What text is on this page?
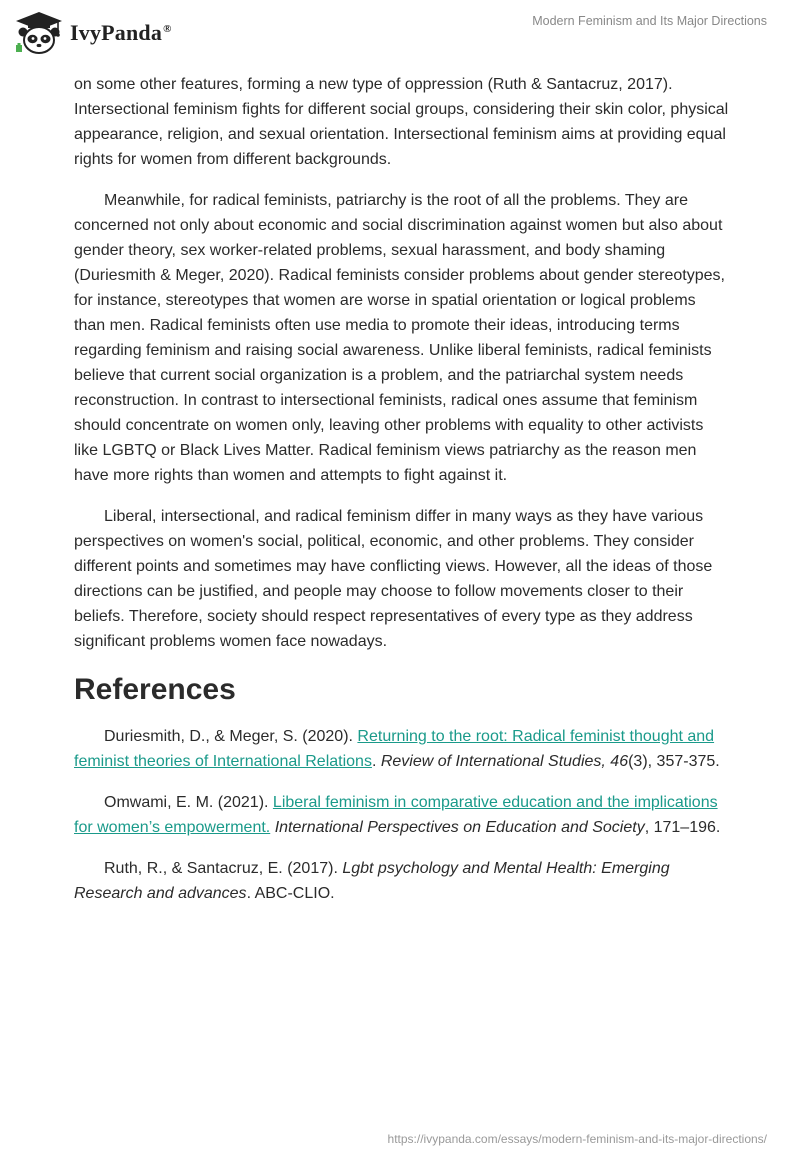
IvyPanda®
Modern Feminism and Its Major Directions

on some other features, forming a new type of oppression (Ruth & Santacruz, 2017). Intersectional feminism fights for different social groups, considering their skin color, physical appearance, religion, and sexual orientation. Intersectional feminism aims at providing equal rights for women from different backgrounds.

Meanwhile, for radical feminists, patriarchy is the root of all the problems. They are concerned not only about economic and social discrimination against women but also about gender theory, sex worker-related problems, sexual harassment, and body shaming (Duriesmith & Meger, 2020). Radical feminists consider problems about gender stereotypes, for instance, stereotypes that women are worse in spatial orientation or logical problems than men. Radical feminists often use media to promote their ideas, introducing terms regarding feminism and raising social awareness. Unlike liberal feminists, radical feminists believe that current social organization is a problem, and the patriarchal system needs reconstruction. In contrast to intersectional feminists, radical ones assume that feminism should concentrate on women only, leaving other problems with equality to other activists like LGBTQ or Black Lives Matter. Radical feminism views patriarchy as the reason men have more rights than women and attempts to fight against it.

Liberal, intersectional, and radical feminism differ in many ways as they have various perspectives on women's social, political, economic, and other problems. They consider different points and sometimes may have conflicting views. However, all the ideas of those directions can be justified, and people may choose to follow movements closer to their beliefs. Therefore, society should respect representatives of every type as they address significant problems women face nowadays.

References

Duriesmith, D., & Meger, S. (2020). Returning to the root: Radical feminist thought and feminist theories of International Relations. Review of International Studies, 46(3), 357-375.

Omwami, E. M. (2021). Liberal feminism in comparative education and the implications for women’s empowerment. International Perspectives on Education and Society, 171–196.

Ruth, R., & Santacruz, E. (2017). Lgbt psychology and Mental Health: Emerging Research and advances. ABC-CLIO.

https://ivypanda.com/essays/modern-feminism-and-its-major-directions/
